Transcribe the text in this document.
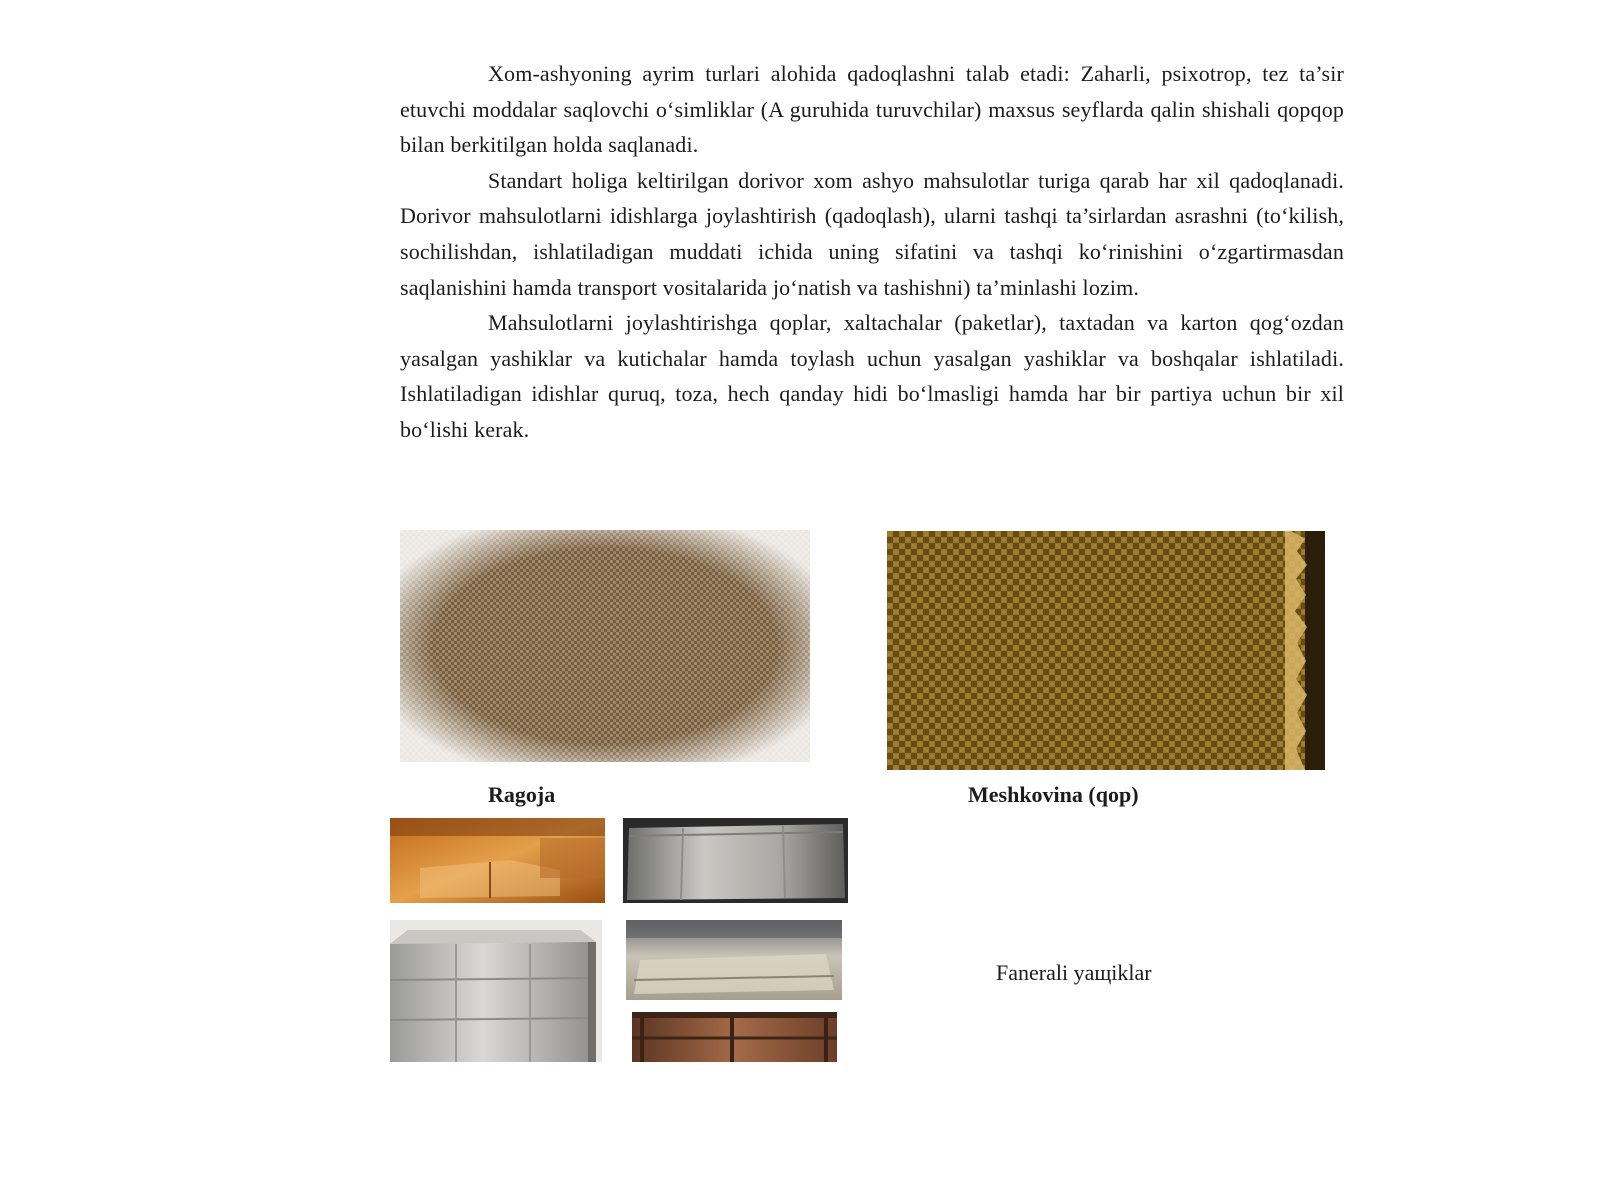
Xom-ashyoning ayrim turlari alohida qadoqlashni talab etadi: Zaharli, psixotrop, tez ta’sir etuvchi moddalar saqlovchi o‘simliklar (A guruhida turuvchilar) maxsus seyflarda qalin shishali qopqop bilan berkitilgan holda saqlanadi.

Standart holiga keltirilgan dorivor xom ashyo mahsulotlar turiga qarab har xil qadoqlanadi. Dorivor mahsulotlarni idishlarga joylashtirish (qadoqlash), ularni tashqi ta’sirlardan asrashni (to‘kilish, sochilishdan, ishlatiladigan muddati ichida uning sifatini va tashqi ko‘rinishini o‘zgartirmasdan saqlanishini hamda transport vositalarida jo‘natish va tashishni) ta’minlashi lozim.

Mahsulotlarni joylashtirishga qoplar, xaltachalar (paketlar), taxtadan va karton qog‘ozdan yasalgan yashiklar va kutichalar hamda toylash uchun yasalgan yashiklar va boshqalar ishlatiladi. Ishlatiladigan idishlar quruq, toza, hech qanday hidi bo‘lmasligi hamda har bir partiya uchun bir xil bo‘lishi kerak.

Ragoja	Meshkovina (qop)
Fanerali yaщiklar
